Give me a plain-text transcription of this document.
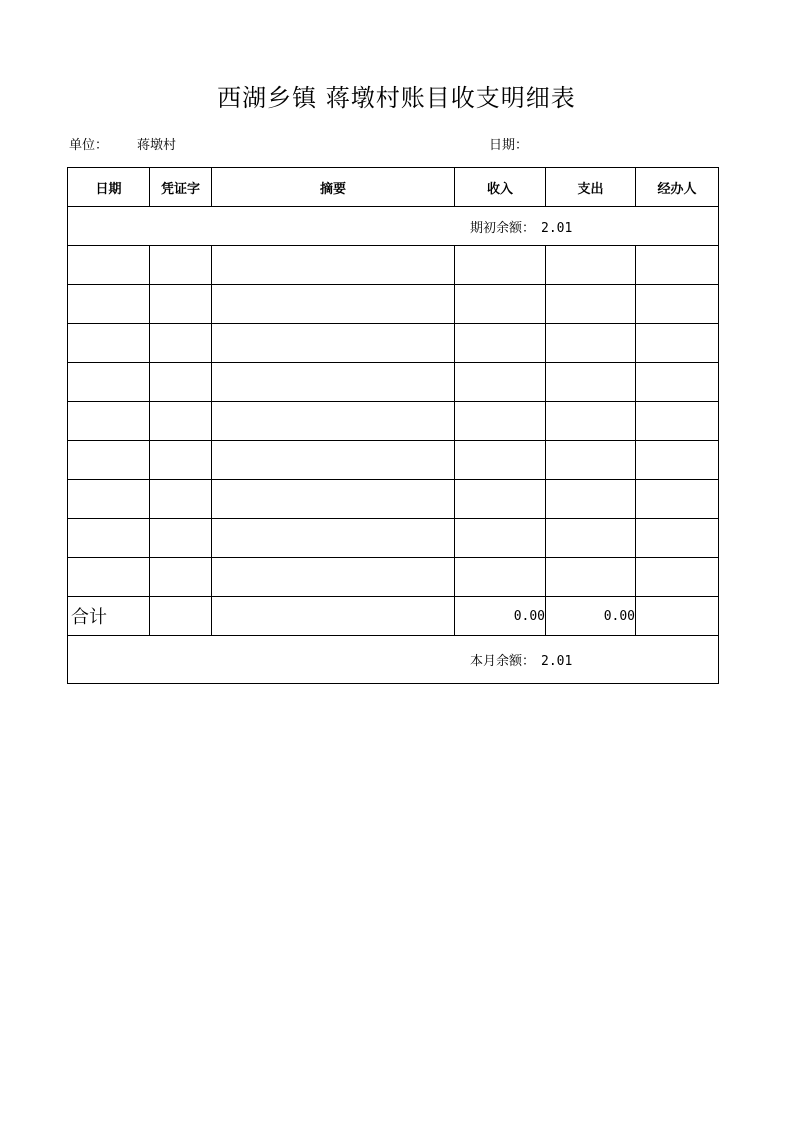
西湖乡镇 蒋墩村账目收支明细表
单位： 蒋墩村	日期：
日期	凭证字	摘要	收入	支出	经办人

期初余额： 2.01					

合计			0.00	0.00	

本月余额： 2.01					
